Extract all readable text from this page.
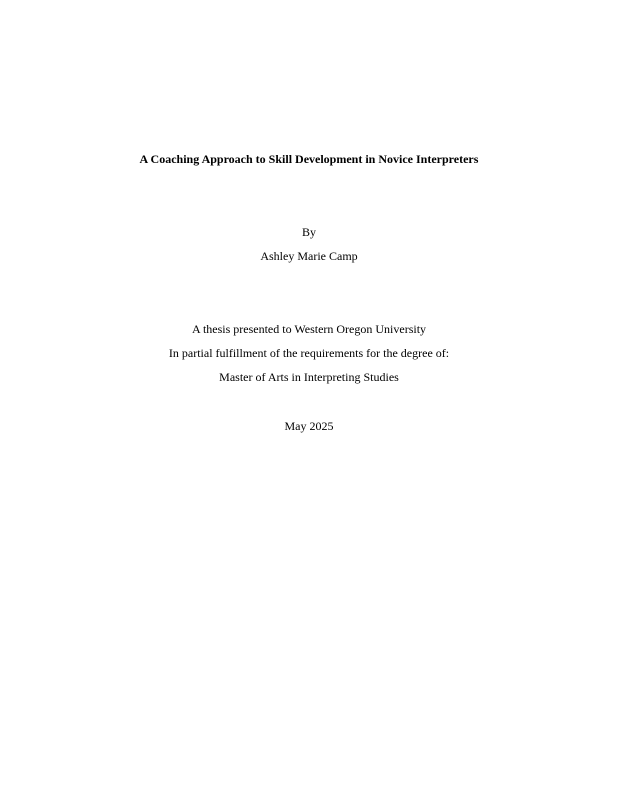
A Coaching Approach to Skill Development in Novice Interpreters
By
Ashley Marie Camp
A thesis presented to Western Oregon University
In partial fulfillment of the requirements for the degree of:
Master of Arts in Interpreting Studies
May 2025
